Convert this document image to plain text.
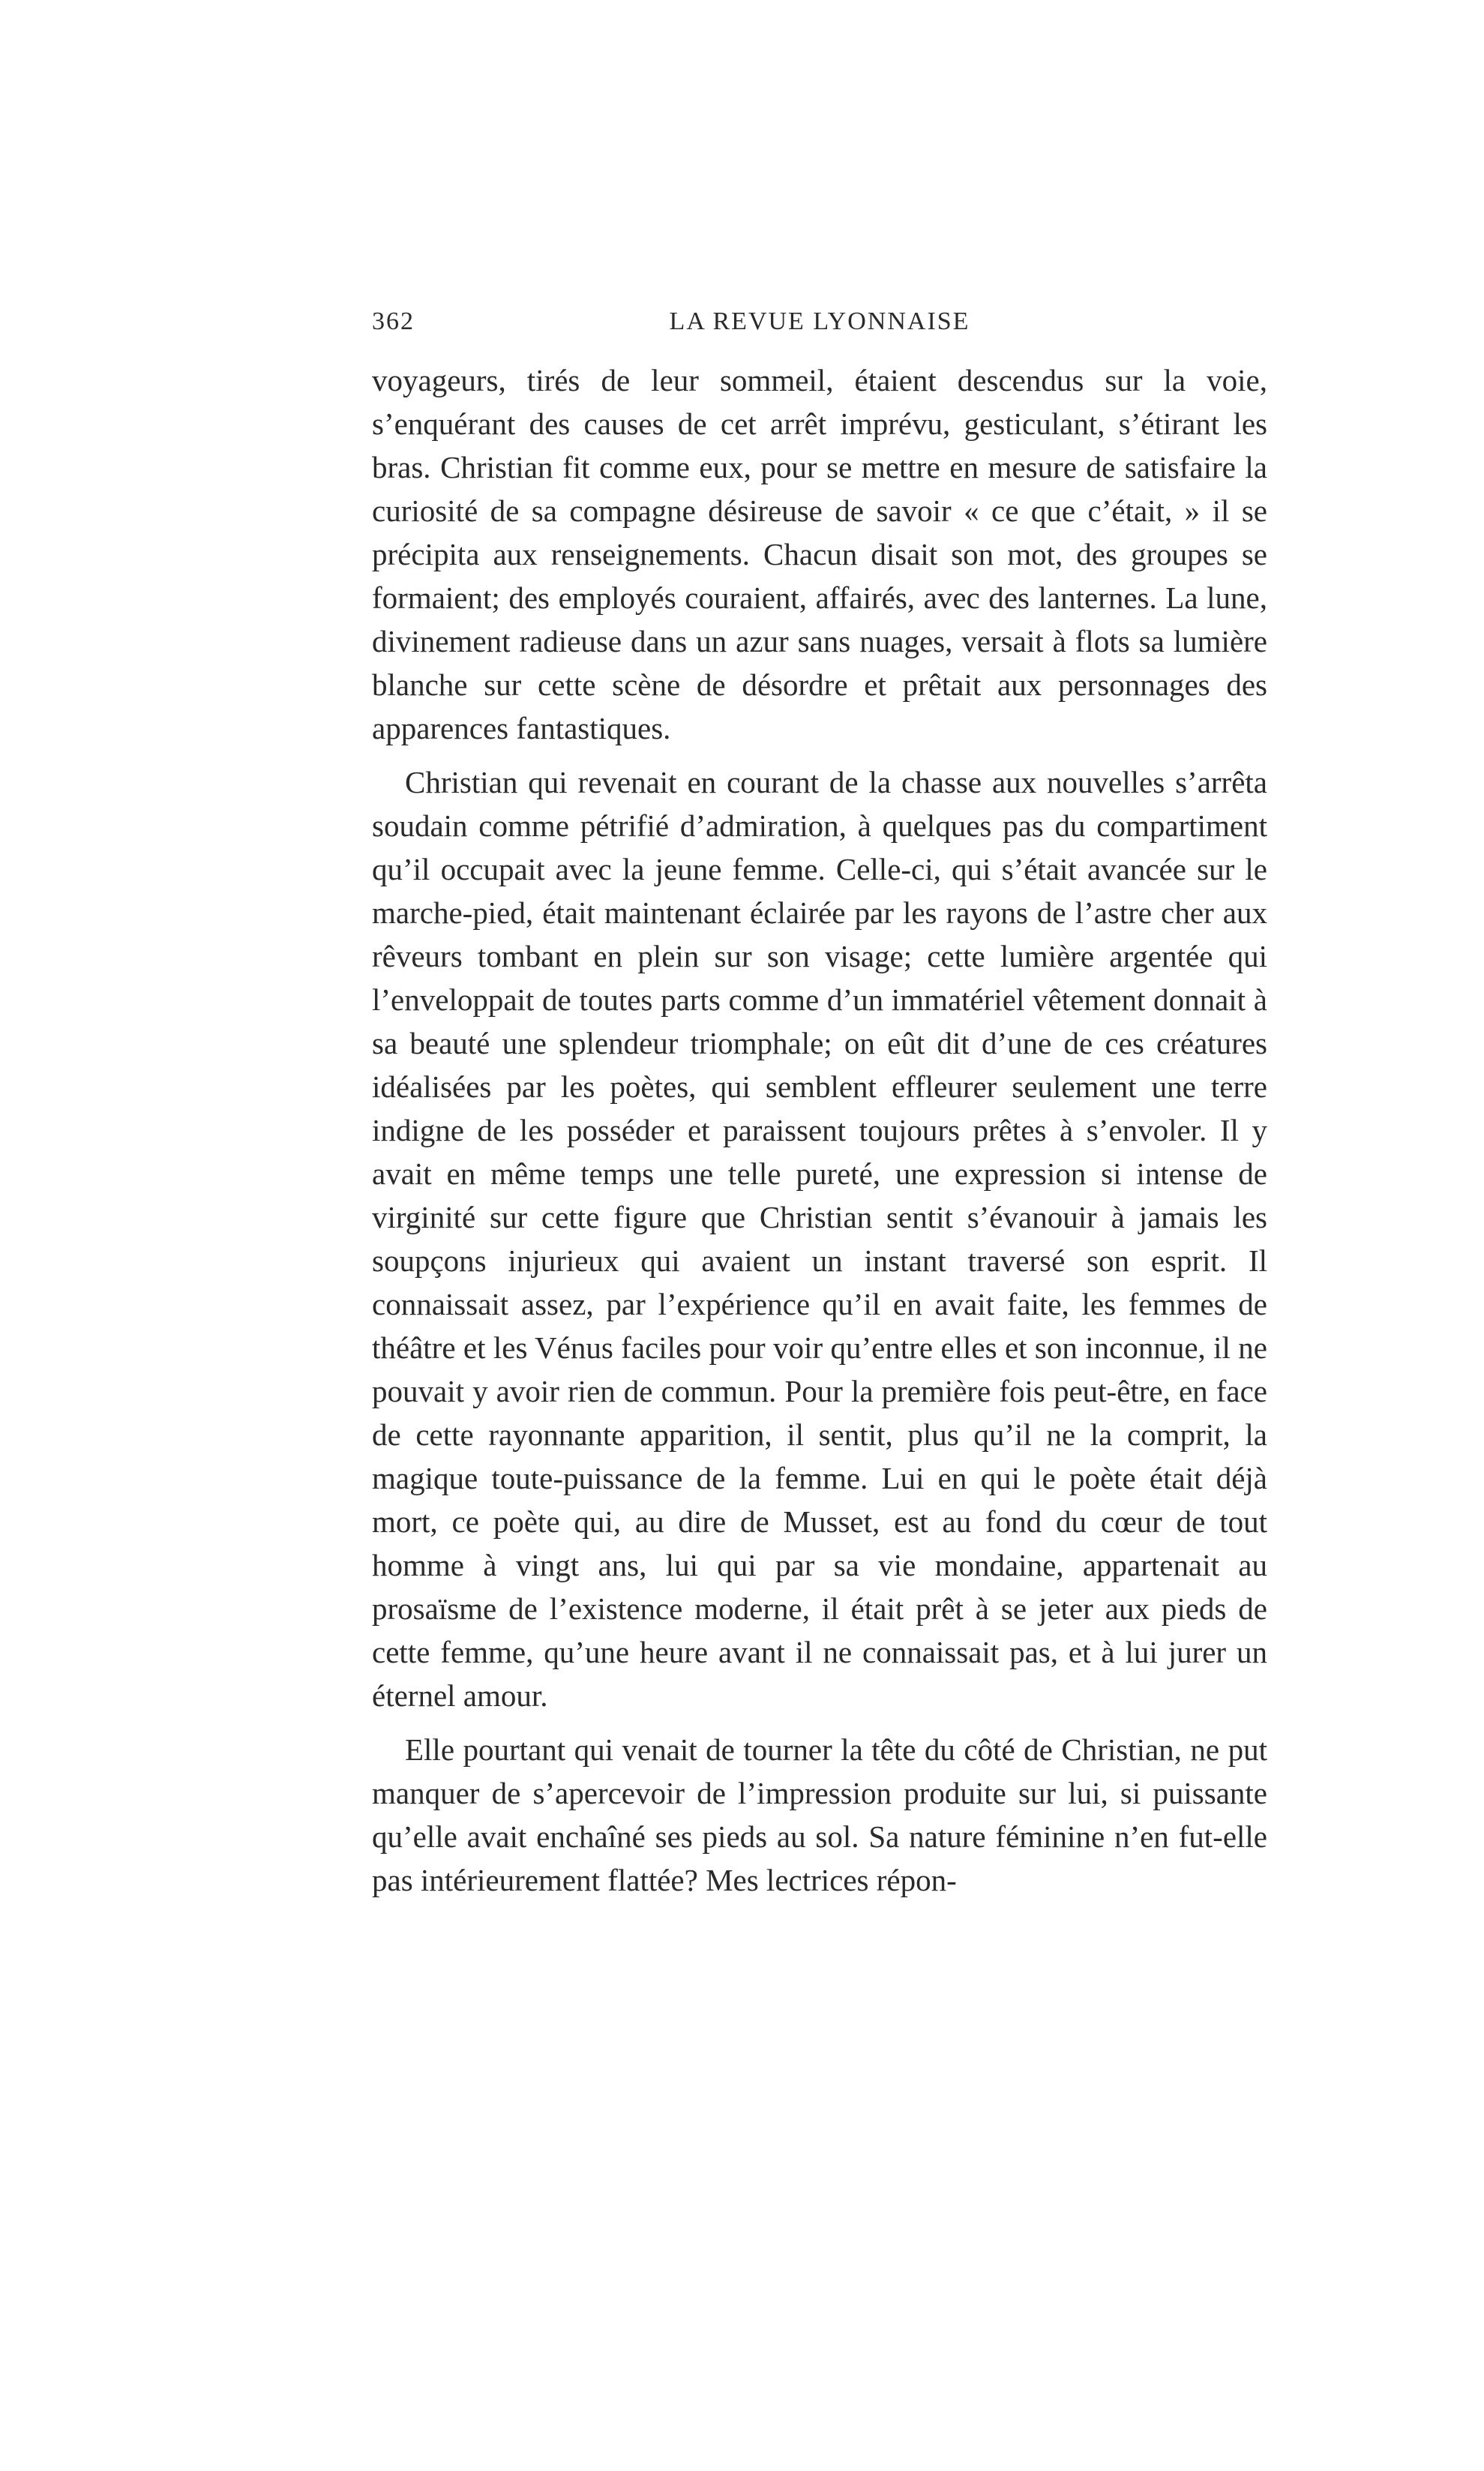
362	LA REVUE LYONNAISE

voyageurs, tirés de leur sommeil, étaient descendus sur la voie, s’enquérant des causes de cet arrêt imprévu, gesticulant, s’étirant les bras. Christian fit comme eux, pour se mettre en mesure de satisfaire la curiosité de sa compagne désireuse de savoir « ce que c’était, » il se précipita aux renseignements. Chacun disait son mot, des groupes se formaient; des employés couraient, affairés, avec des lanternes. La lune, divinement radieuse dans un azur sans nuages, versait à flots sa lumière blanche sur cette scène de désordre et prêtait aux personnages des apparences fantastiques.

Christian qui revenait en courant de la chasse aux nouvelles s’arrêta soudain comme pétrifié d’admiration, à quelques pas du compartiment qu’il occupait avec la jeune femme. Celle-ci, qui s’était avancée sur le marche-pied, était maintenant éclairée par les rayons de l’astre cher aux rêveurs tombant en plein sur son visage; cette lumière argentée qui l’enveloppait de toutes parts comme d’un immatériel vêtement donnait à sa beauté une splendeur triomphale; on eût dit d’une de ces créatures idéalisées par les poètes, qui semblent effleurer seulement une terre indigne de les posséder et paraissent toujours prêtes à s’envoler. Il y avait en même temps une telle pureté, une expression si intense de virginité sur cette figure que Christian sentit s’évanouir à jamais les soupçons injurieux qui avaient un instant traversé son esprit. Il connaissait assez, par l’expérience qu’il en avait faite, les femmes de théâtre et les Vénus faciles pour voir qu’entre elles et son inconnue, il ne pouvait y avoir rien de commun. Pour la première fois peut-être, en face de cette rayonnante apparition, il sentit, plus qu’il ne la comprit, la magique toute-puissance de la femme. Lui en qui le poète était déjà mort, ce poète qui, au dire de Musset, est au fond du cœur de tout homme à vingt ans, lui qui par sa vie mondaine, appartenait au prosaïsme de l’existence moderne, il était prêt à se jeter aux pieds de cette femme, qu’une heure avant il ne connaissait pas, et à lui jurer un éternel amour.

Elle pourtant qui venait de tourner la tête du côté de Christian, ne put manquer de s’apercevoir de l’impression produite sur lui, si puissante qu’elle avait enchaîné ses pieds au sol. Sa nature féminine n’en fut-elle pas intérieurement flattée? Mes lectrices répon-
